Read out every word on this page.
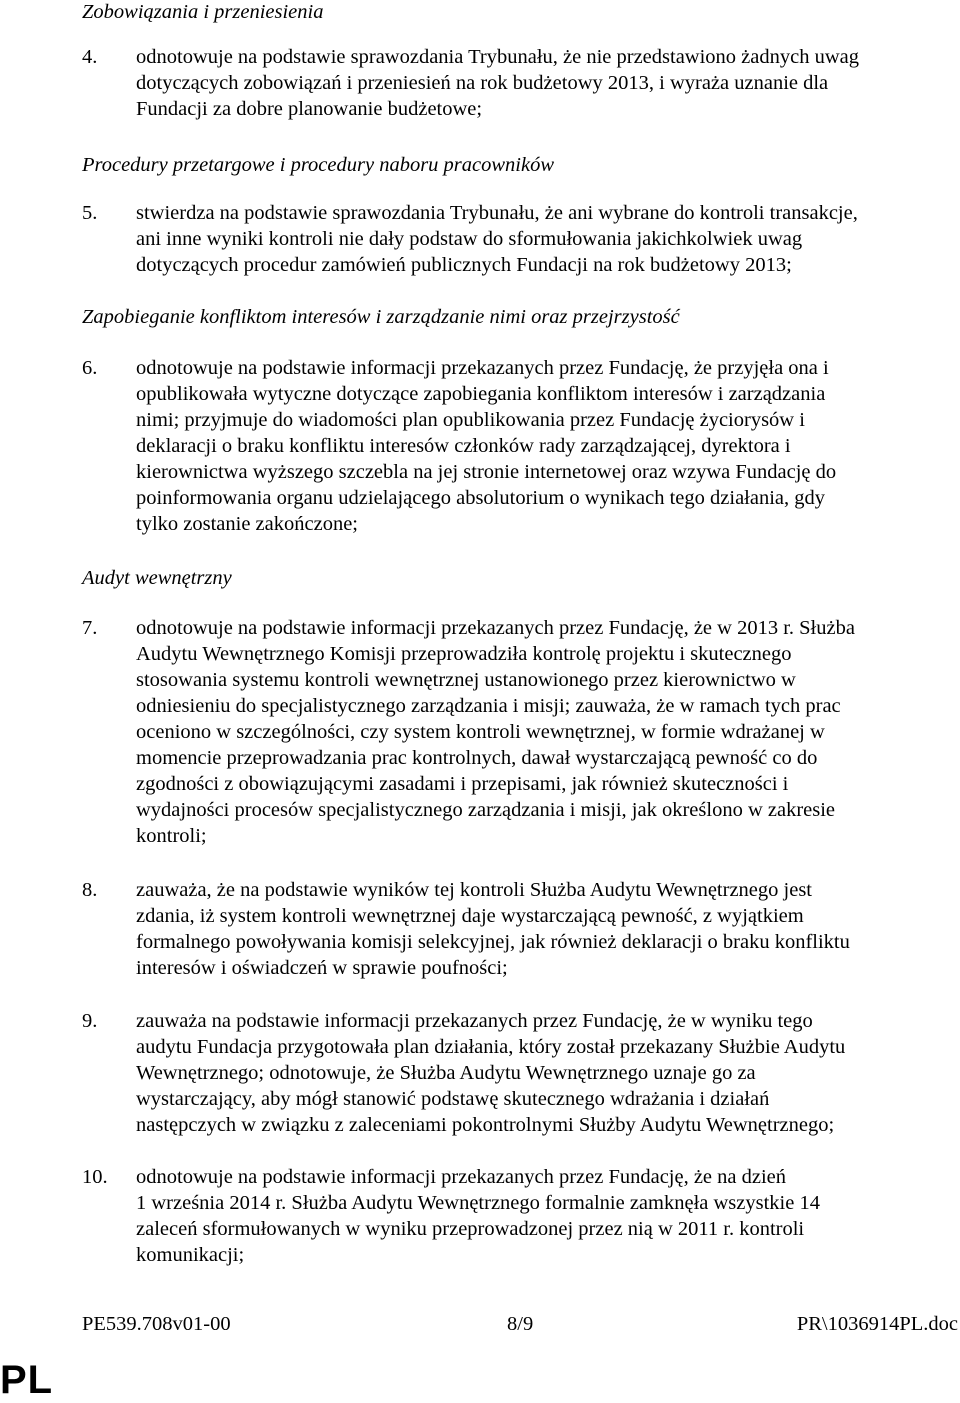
Zobowiązania i przeniesienia
4. odnotowuje na podstawie sprawozdania Trybunału, że nie przedstawiono żadnych uwag
dotyczących zobowiązań i przeniesień na rok budżetowy 2013, i wyraża uznanie dla
Fundacji za dobre planowanie budżetowe;
Procedury przetargowe i procedury naboru pracowników
5. stwierdza na podstawie sprawozdania Trybunału, że ani wybrane do kontroli transakcje,
ani inne wyniki kontroli nie dały podstaw do sformułowania jakichkolwiek uwag
dotyczących procedur zamówień publicznych Fundacji na rok budżetowy 2013;
Zapobieganie konfliktom interesów i zarządzanie nimi oraz przejrzystość
6. odnotowuje na podstawie informacji przekazanych przez Fundację, że przyjęła ona i
opublikowała wytyczne dotyczące zapobiegania konfliktom interesów i zarządzania
nimi; przyjmuje do wiadomości plan opublikowania przez Fundację życiorysów i
deklaracji o braku konfliktu interesów członków rady zarządzającej, dyrektora i
kierownictwa wyższego szczebla na jej stronie internetowej oraz wzywa Fundację do
poinformowania organu udzielającego absolutorium o wynikach tego działania, gdy
tylko zostanie zakończone;
Audyt wewnętrzny
7. odnotowuje na podstawie informacji przekazanych przez Fundację, że w 2013 r. Służba
Audytu Wewnętrznego Komisji przeprowadziła kontrolę projektu i skutecznego
stosowania systemu kontroli wewnętrznej ustanowionego przez kierownictwo w
odniesieniu do specjalistycznego zarządzania i misji; zauważa, że w ramach tych prac
oceniono w szczególności, czy system kontroli wewnętrznej, w formie wdrażanej w
momencie przeprowadzania prac kontrolnych, dawał wystarczającą pewność co do
zgodności z obowiązującymi zasadami i przepisami, jak również skuteczności i
wydajności procesów specjalistycznego zarządzania i misji, jak określono w zakresie
kontroli;
8. zauważa, że na podstawie wyników tej kontroli Służba Audytu Wewnętrznego jest
zdania, iż system kontroli wewnętrznej daje wystarczającą pewność, z wyjątkiem
formalnego powoływania komisji selekcyjnej, jak również deklaracji o braku konfliktu
interesów i oświadczeń w sprawie poufności;
9. zauważa na podstawie informacji przekazanych przez Fundację, że w wyniku tego
audytu Fundacja przygotowała plan działania, który został przekazany Służbie Audytu
Wewnętrznego; odnotowuje, że Służba Audytu Wewnętrznego uznaje go za
wystarczający, aby mógł stanowić podstawę skutecznego wdrażania i działań
następczych w związku z zaleceniami pokontrolnymi Służby Audytu Wewnętrznego;
10. odnotowuje na podstawie informacji przekazanych przez Fundację, że na dzień
1 września 2014 r. Służba Audytu Wewnętrznego formalnie zamknęła wszystkie 14
zaleceń sformułowanych w wyniku przeprowadzonej przez nią w 2011 r. kontroli
komunikacji;
PE539.708v01-00	8/9	PR\1036914PL.doc
PL
